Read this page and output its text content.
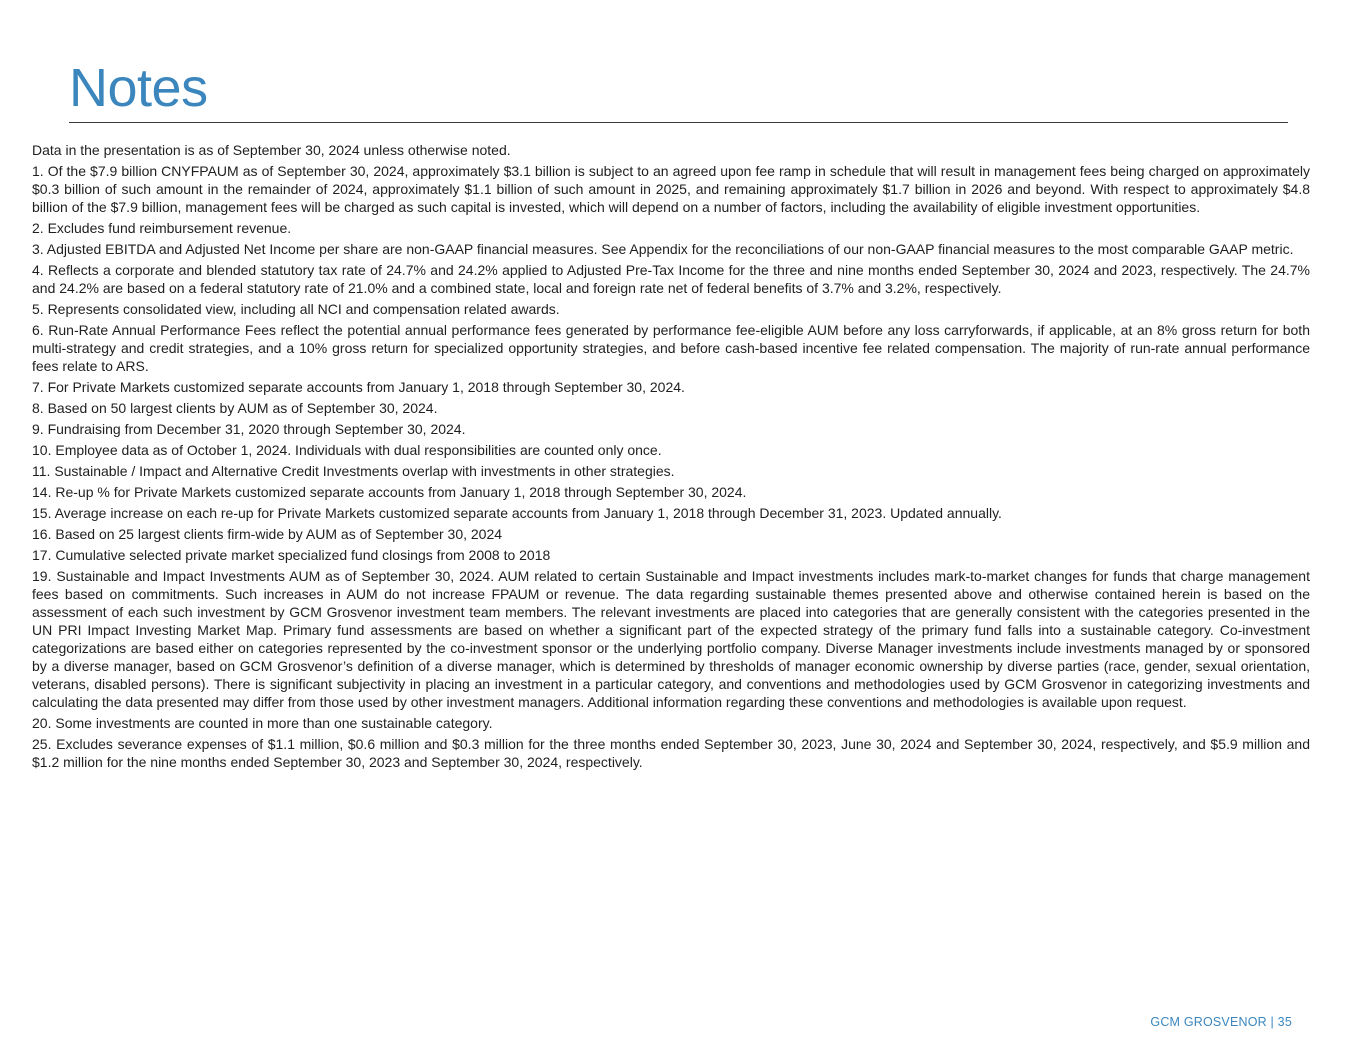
Notes

Data in the presentation is as of September 30, 2024 unless otherwise noted.

1. Of the $7.9 billion CNYFPAUM as of September 30, 2024, approximately $3.1 billion is subject to an agreed upon fee ramp in schedule that will result in management fees being charged on approximately $0.3 billion of such amount in the remainder of 2024, approximately $1.1 billion of such amount in 2025, and remaining approximately $1.7 billion in 2026 and beyond. With respect to approximately $4.8 billion of the $7.9 billion, management fees will be charged as such capital is invested, which will depend on a number of factors, including the availability of eligible investment opportunities.

2. Excludes fund reimbursement revenue.

3. Adjusted EBITDA and Adjusted Net Income per share are non-GAAP financial measures. See Appendix for the reconciliations of our non-GAAP financial measures to the most comparable GAAP metric.

4. Reflects a corporate and blended statutory tax rate of 24.7% and 24.2% applied to Adjusted Pre-Tax Income for the three and nine months ended September 30, 2024 and 2023, respectively. The 24.7% and 24.2% are based on a federal statutory rate of 21.0% and a combined state, local and foreign rate net of federal benefits of 3.7% and 3.2%, respectively.

5. Represents consolidated view, including all NCI and compensation related awards.

6. Run-Rate Annual Performance Fees reflect the potential annual performance fees generated by performance fee-eligible AUM before any loss carryforwards, if applicable, at an 8% gross return for both multi-strategy and credit strategies, and a 10% gross return for specialized opportunity strategies, and before cash-based incentive fee related compensation. The majority of run-rate annual performance fees relate to ARS.

7. For Private Markets customized separate accounts from January 1, 2018 through September 30, 2024.

8. Based on 50 largest clients by AUM as of September 30, 2024.

9. Fundraising from December 31, 2020 through September 30, 2024.

10. Employee data as of October 1, 2024. Individuals with dual responsibilities are counted only once.

11. Sustainable / Impact and Alternative Credit Investments overlap with investments in other strategies.

14. Re-up % for Private Markets customized separate accounts from January 1, 2018 through September 30, 2024.

15. Average increase on each re-up for Private Markets customized separate accounts from January 1, 2018 through December 31, 2023. Updated annually.

16. Based on 25 largest clients firm-wide by AUM as of September 30, 2024

17. Cumulative selected private market specialized fund closings from 2008 to 2018

19. Sustainable and Impact Investments AUM as of September 30, 2024. AUM related to certain Sustainable and Impact investments includes mark-to-market changes for funds that charge management fees based on commitments. Such increases in AUM do not increase FPAUM or revenue. The data regarding sustainable themes presented above and otherwise contained herein is based on the assessment of each such investment by GCM Grosvenor investment team members. The relevant investments are placed into categories that are generally consistent with the categories presented in the UN PRI Impact Investing Market Map. Primary fund assessments are based on whether a significant part of the expected strategy of the primary fund falls into a sustainable category. Co-investment categorizations are based either on categories represented by the co-investment sponsor or the underlying portfolio company. Diverse Manager investments include investments managed by or sponsored by a diverse manager, based on GCM Grosvenor’s definition of a diverse manager, which is determined by thresholds of manager economic ownership by diverse parties (race, gender, sexual orientation, veterans, disabled persons). There is significant subjectivity in placing an investment in a particular category, and conventions and methodologies used by GCM Grosvenor in categorizing investments and calculating the data presented may differ from those used by other investment managers. Additional information regarding these conventions and methodologies is available upon request.

20. Some investments are counted in more than one sustainable category.

25. Excludes severance expenses of $1.1 million, $0.6 million and $0.3 million for the three months ended September 30, 2023, June 30, 2024 and September 30, 2024, respectively, and $5.9 million and $1.2 million for the nine months ended September 30, 2023 and September 30, 2024, respectively.

GCM GROSVENOR | 35
